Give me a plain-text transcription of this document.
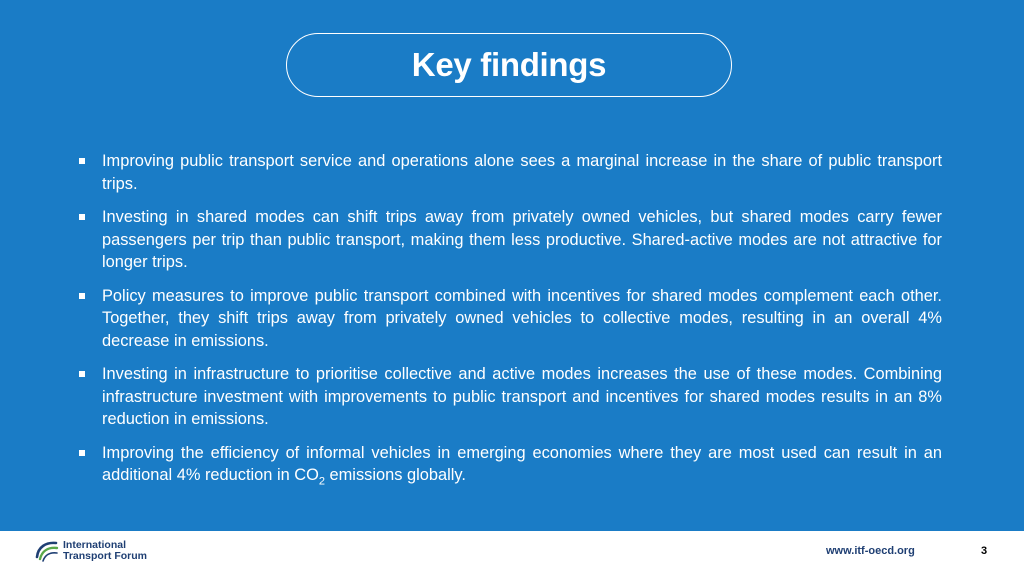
Key findings
Improving public transport service and operations alone sees a marginal increase in the share of public transport trips.
Investing in shared modes can shift trips away from privately owned vehicles, but shared modes carry fewer passengers per trip than public transport, making them less productive. Shared-active modes are not attractive for longer trips.
Policy measures to improve public transport combined with incentives for shared modes complement each other. Together, they shift trips away from privately owned vehicles to collective modes, resulting in an overall 4% decrease in emissions.
Investing in infrastructure to prioritise collective and active modes increases the use of these modes. Combining infrastructure investment with improvements to public transport and incentives for shared modes results in an 8% reduction in emissions.
Improving the efficiency of informal vehicles in emerging economies where they are most used can result in an additional 4% reduction in $CO_2$ emissions globally.
International
Transport Forum	www.itf-oecd.org	3
